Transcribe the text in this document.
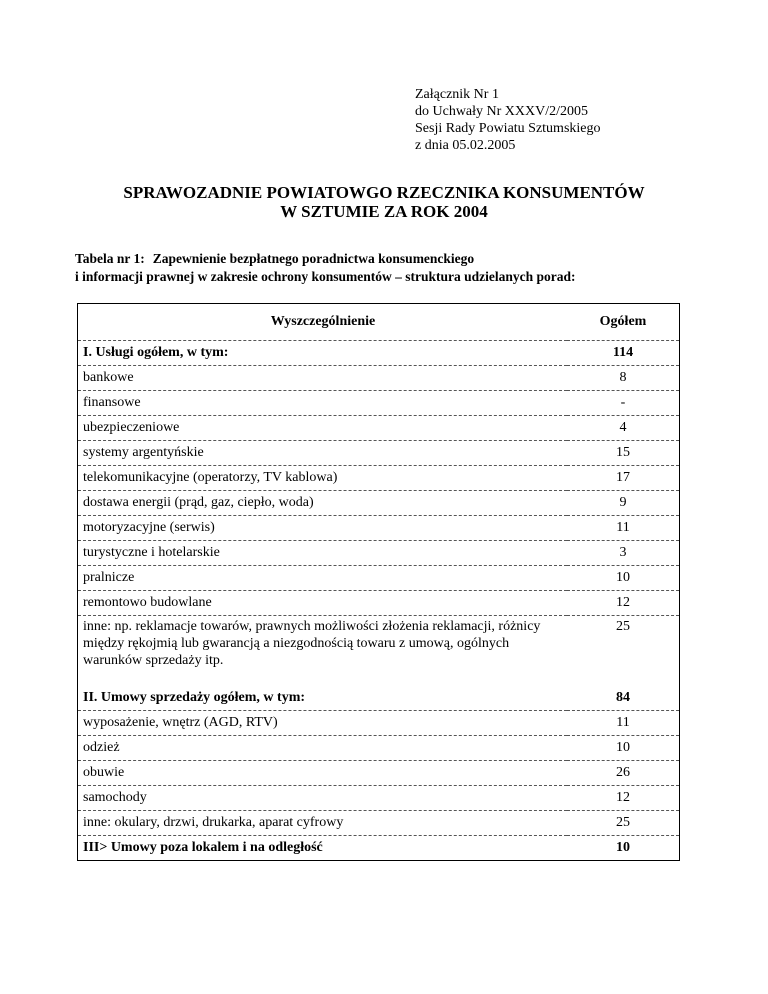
Załącznik Nr 1
do Uchwały Nr XXXV/2/2005
Sesji Rady Powiatu Sztumskiego
z dnia 05.02.2005
SPRAWOZADNIE POWIATOWGO RZECZNIKA KONSUMENTÓW
W SZTUMIE ZA ROK 2004
Tabela nr 1: Zapewnienie bezpłatnego poradnictwa konsumenckiego
i informacji prawnej w zakresie ochrony konsumentów – struktura udzielanych porad:
Wyszczególnienie	Ogółem
I. Usługi ogółem, w tym:	114
bankowe	8
finansowe	-
ubezpieczeniowe	4
systemy argentyńskie	15
telekomunikacyjne (operatorzy, TV kablowa)	17
dostawa energii (prąd, gaz, ciepło, woda)	9
motoryzacyjne (serwis)	11
turystyczne i hotelarskie	3
pralnicze	10
remontowo budowlane	12
inne: np. reklamacje towarów, prawnych możliwości złożenia reklamacji, różnicy między rękojmią lub gwarancją a niezgodnością towaru z umową, ogólnych warunków sprzedaży itp.	25
II. Umowy sprzedaży ogółem, w tym:	84
wyposażenie, wnętrz (AGD, RTV)	11
odzież	10
obuwie	26
samochody	12
inne: okulary, drzwi, drukarka, aparat cyfrowy	25
III> Umowy poza lokalem i na odległość	10
